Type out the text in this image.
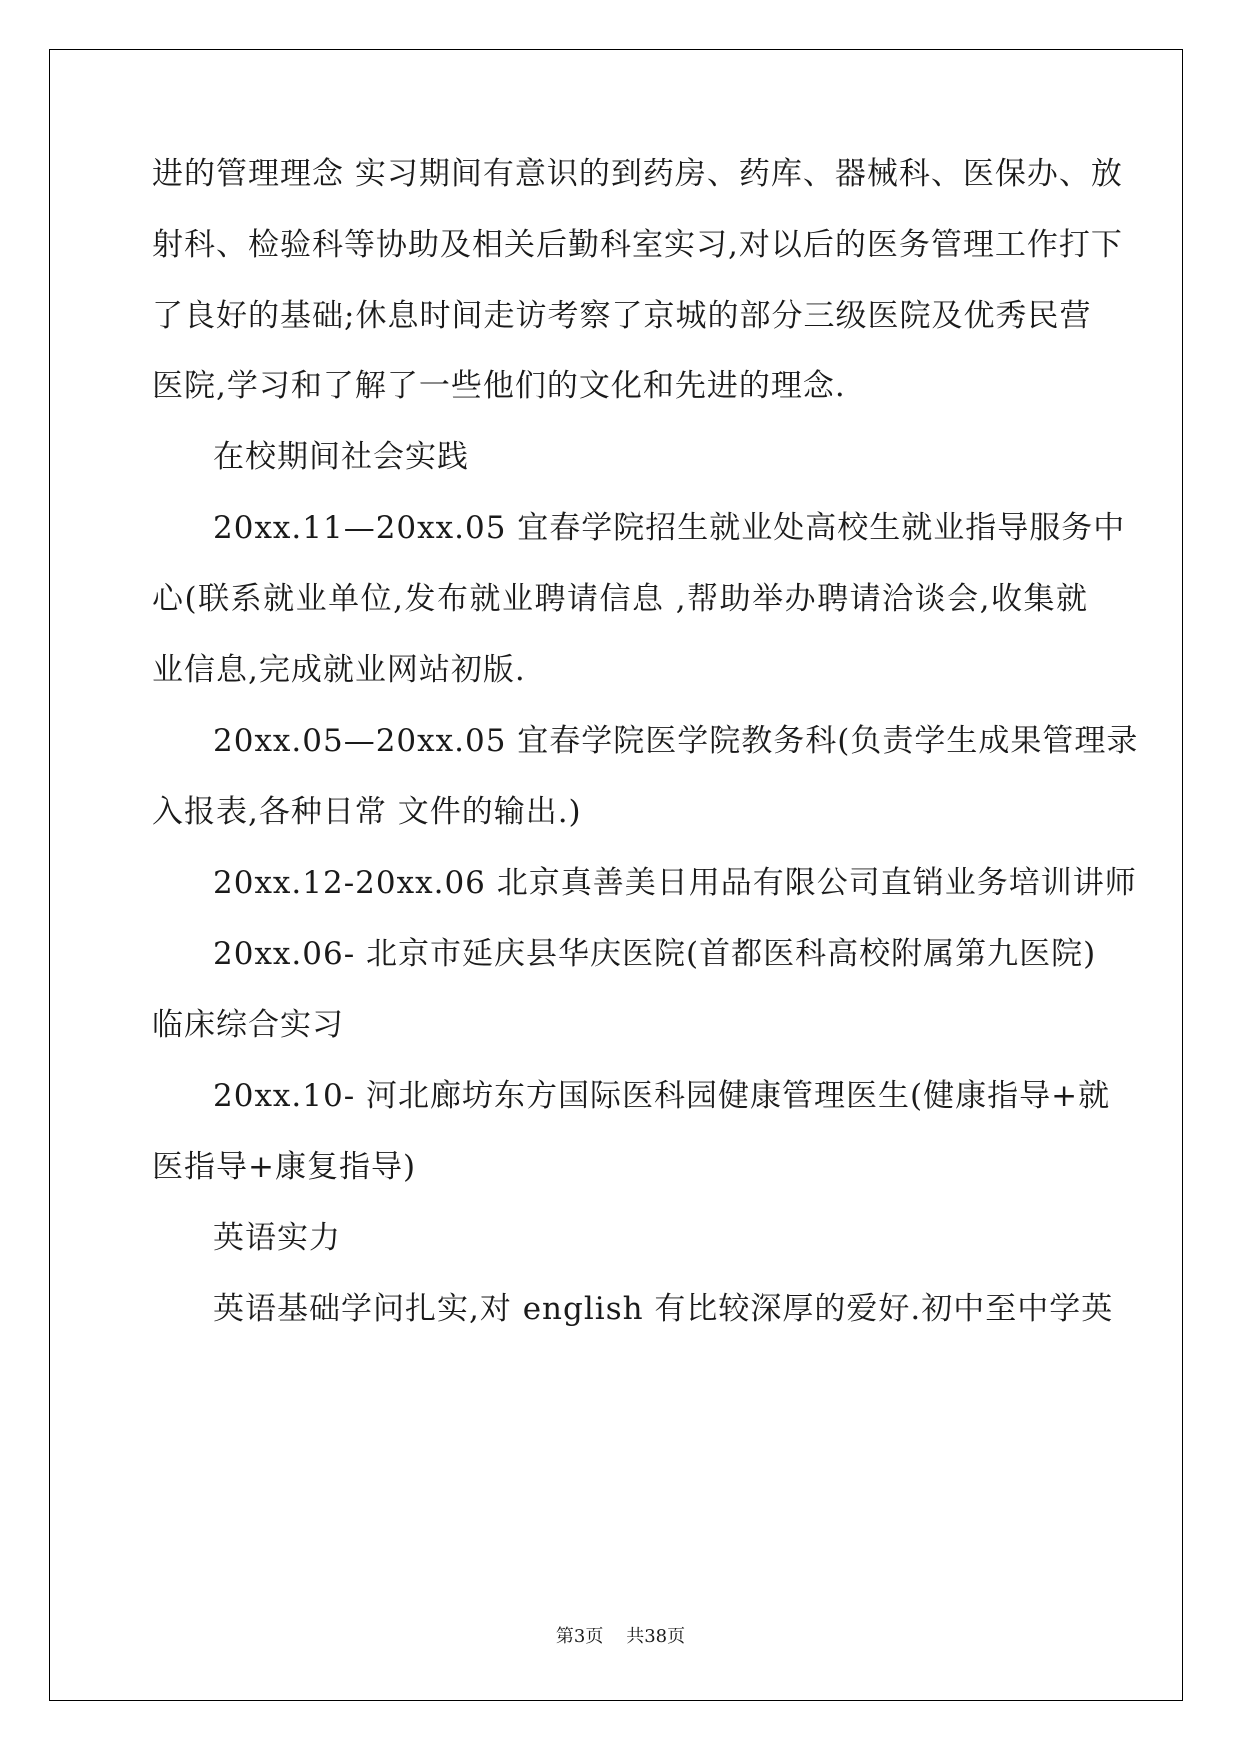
进的管理理念 实习期间有意识的到药房、药库、器械科、医保办、放

射科、检验科等协助及相关后勤科室实习,对以后的医务管理工作打下

了良好的基础;休息时间走访考察了京城的部分三级医院及优秀民营

医院,学习和了解了一些他们的文化和先进的理念.

在校期间社会实践

20xx.11—20xx.05 宜春学院招生就业处高校生就业指导服务中

心(联系就业单位,发布就业聘请信息 ,帮助举办聘请洽谈会,收集就

业信息,完成就业网站初版.

20xx.05—20xx.05 宜春学院医学院教务科(负责学生成果管理录

入报表,各种日常 文件的输出.)

20xx.12-20xx.06 北京真善美日用品有限公司直销业务培训讲师

20xx.06- 北京市延庆县华庆医院(首都医科高校附属第九医院)

临床综合实习

20xx.10- 河北廊坊东方国际医科园健康管理医生(健康指导+就

医指导+康复指导)

英语实力

英语基础学问扎实,对 english 有比较深厚的爱好.初中至中学英

第3页 共38页
